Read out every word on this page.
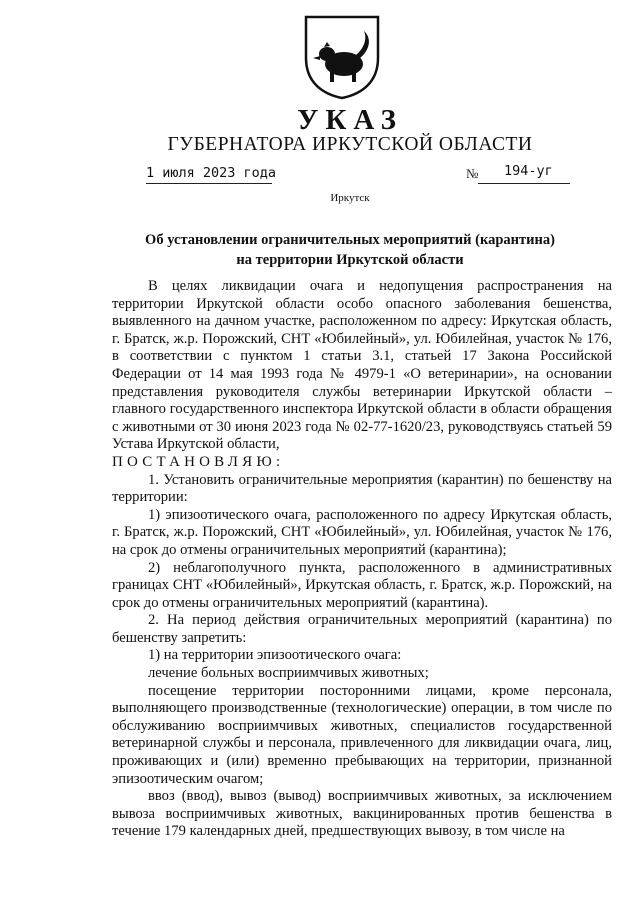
УКАЗ
ГУБЕРНАТОРА ИРКУТСКОЙ ОБЛАСТИ
1 июля 2023 года	№ 194-уг
Иркутск
Об установлении ограничительных мероприятий (карантина)
на территории Иркутской области

В целях ликвидации очага и недопущения распространения на территории Иркутской области особо опасного заболевания бешенства, выявленного на дачном участке, расположенном по адресу: Иркутская область, г. Братск, ж.р. Порожский, СНТ «Юбилейный», ул. Юбилейная, участок № 176, в соответствии с пунктом 1 статьи 3.1, статьей 17 Закона Российской Федерации от 14 мая 1993 года № 4979-1 «О ветеринарии», на основании представления руководителя службы ветеринарии Иркутской области – главного государственного инспектора Иркутской области в области обращения с животными от 30 июня 2023 года № 02-77-1620/23, руководствуясь статьей 59 Устава Иркутской области,

ПОСТАНОВЛЯЮ:

1. Установить ограничительные мероприятия (карантин) по бешенству на территории:

1) эпизоотического очага, расположенного по адресу Иркутская область, г. Братск, ж.р. Порожский, СНТ «Юбилейный», ул. Юбилейная, участок № 176, на срок до отмены ограничительных мероприятий (карантина);

2) неблагополучного пункта, расположенного в административных границах СНТ «Юбилейный», Иркутская область, г. Братск, ж.р. Порожский, на срок до отмены ограничительных мероприятий (карантина).

2. На период действия ограничительных мероприятий (карантина) по бешенству запретить:

1) на территории эпизоотического очага:

лечение больных восприимчивых животных;

посещение территории посторонними лицами, кроме персонала, выполняющего производственные (технологические) операции, в том числе по обслуживанию восприимчивых животных, специалистов государственной ветеринарной службы и персонала, привлеченного для ликвидации очага, лиц, проживающих и (или) временно пребывающих на территории, признанной эпизоотическим очагом;

ввоз (ввод), вывоз (вывод) восприимчивых животных, за исключением вывоза восприимчивых животных, вакцинированных против бешенства в течение 179 календарных дней, предшествующих вывозу, в том числе на
